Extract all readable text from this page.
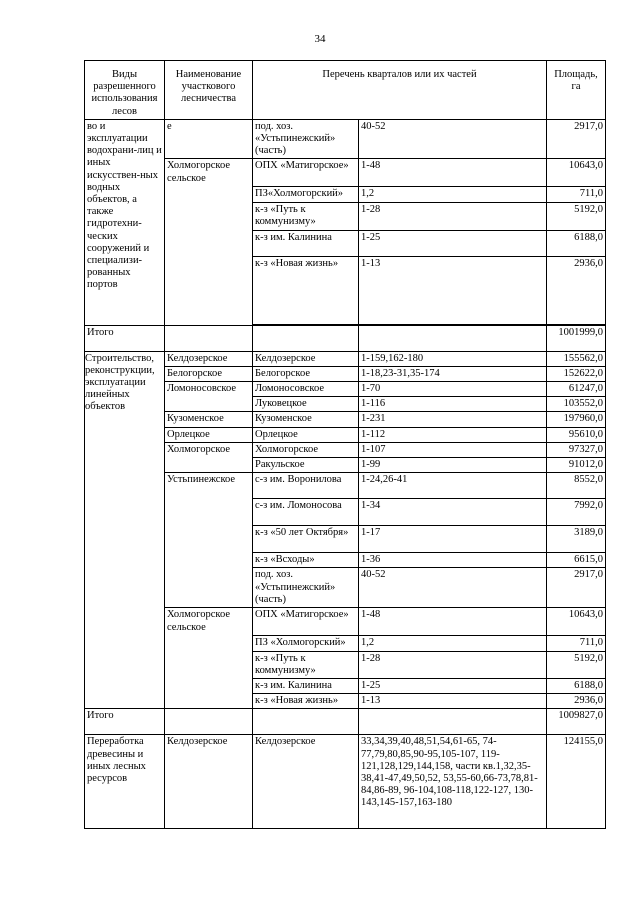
34
Виды разрешенного использования лесов	Наименование участкового лесничества	Перечень кварталов или их частей		Площадь, га
во и эксплуатации водохрани-лиц и иных искусствен-ных водных объектов, а также гидротехни-ческих сооружений и специализи-рованных портов	е	под. хоз. «Устьпинежский» (часть)	40-52	2917,0
	Холмогорское сельское	ОПХ «Матигорское»	1-48	10643,0
		ПЗ«Холмогорский»	1,2	711,0
		к-з «Путь к коммунизму»	1-28	5192,0
		к-з им. Калинина	1-25	6188,0
		к-з «Новая жизнь»	1-13	2936,0

Итого				1001999,0
Строительство, реконструкции, эксплуатации линейных объектов	Келдозерское	Келдозерское	1-159,162-180	155562,0
	Белогорское	Белогорское	1-18,23-31,35-174	152622,0
	Ломоносовское	Ломоносовское	1-70	61247,0
		Луковецкое	1-116	103552,0
	Кузоменское	Кузоменское	1-231	197960,0
	Орлецкое	Орлецкое	1-112	95610,0
	Холмогорское	Холмогорское	1-107	97327,0
		Ракульское	1-99	91012,0
	Устьпинежское	с-з им. Воронилова	1-24,26-41	8552,0
		с-з им. Ломоносова	1-34	7992,0
		к-з «50 лет Октября»	1-17	3189,0
		к-з «Всходы»	1-36	6615,0
		под. хоз. «Устьпинежский» (часть)	40-52	2917,0
	Холмогорское сельское	ОПХ «Матигорское»	1-48	10643,0
		ПЗ «Холмогорский»	1,2	711,0
		к-з «Путь к коммунизму»	1-28	5192,0
		к-з им. Калинина	1-25	6188,0
		к-з «Новая жизнь»	1-13	2936,0
Итого				1009827,0
Переработка древесины и иных лесных ресурсов	Келдозерское	Келдозерское	33,34,39,40,48,51,54,61-65, 74-77,79,80,85,90-95,105-107, 119-121,128,129,144,158, части кв.1,32,35-38,41-47,49,50,52, 53,55-60,66-73,78,81-84,86-89, 96-104,108-118,122-127, 130-143,145-157,163-180	124155,0
